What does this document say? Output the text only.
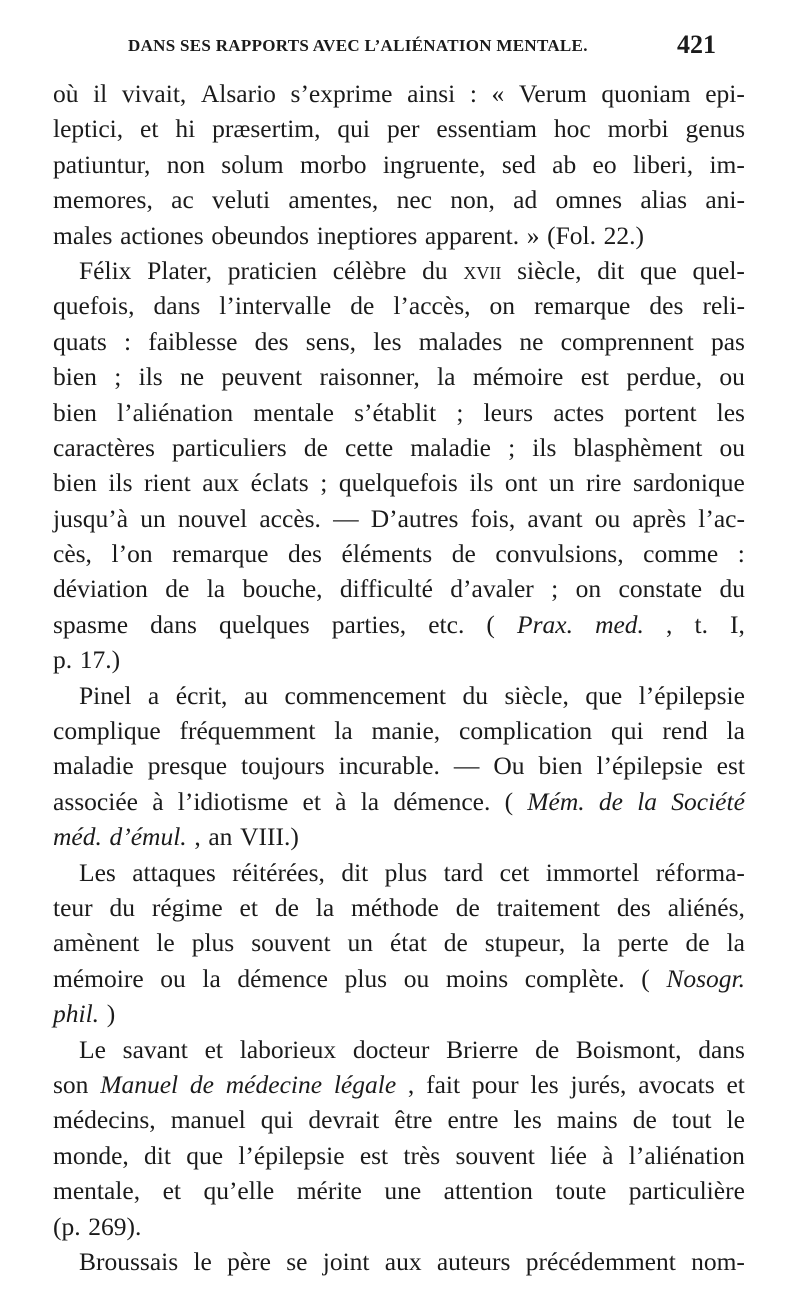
DANS SES RAPPORTS AVEC L’ALIÉNATION MENTALE.	421
où il vivait, Alsario s’exprime ainsi : « Verum quoniam epi-
leptici, et hi præsertim, qui per essentiam hoc morbi genus
patiuntur, non solum morbo ingruente, sed ab eo liberi, im-
memores, ac veluti amentes, nec non, ad omnes alias ani-
males actiones obeundos ineptiores apparent. » (Fol. 22.)
Félix Plater, praticien célèbre du xvii siècle, dit que quel-
quefois, dans l’intervalle de l’accès, on remarque des reli-
quats : faiblesse des sens, les malades ne comprennent pas
bien ; ils ne peuvent raisonner, la mémoire est perdue, ou
bien l’aliénation mentale s’établit ; leurs actes portent les
caractères particuliers de cette maladie ; ils blasphèment ou
bien ils rient aux éclats ; quelquefois ils ont un rire sardonique
jusqu’à un nouvel accès. — D’autres fois, avant ou après l’ac-
cès, l’on remarque des éléments de convulsions, comme :
déviation de la bouche, difficulté d’avaler ; on constate du
spasme dans quelques parties, etc. ( Prax. med. , t. I,
p. 17.)
Pinel a écrit, au commencement du siècle, que l’épilepsie
complique fréquemment la manie, complication qui rend la
maladie presque toujours incurable. — Ou bien l’épilepsie est
associée à l’idiotisme et à la démence. ( Mém. de la Société
méd. d’émul. , an VIII.)
Les attaques réitérées, dit plus tard cet immortel réforma-
teur du régime et de la méthode de traitement des aliénés,
amènent le plus souvent un état de stupeur, la perte de la
mémoire ou la démence plus ou moins complète. ( Nosogr.
phil. )
Le savant et laborieux docteur Brierre de Boismont, dans
son Manuel de médecine légale , fait pour les jurés, avocats et
médecins, manuel qui devrait être entre les mains de tout le
monde, dit que l’épilepsie est très souvent liée à l’aliénation
mentale, et qu’elle mérite une attention toute particulière
(p. 269).
Broussais le père se joint aux auteurs précédemment nom-
